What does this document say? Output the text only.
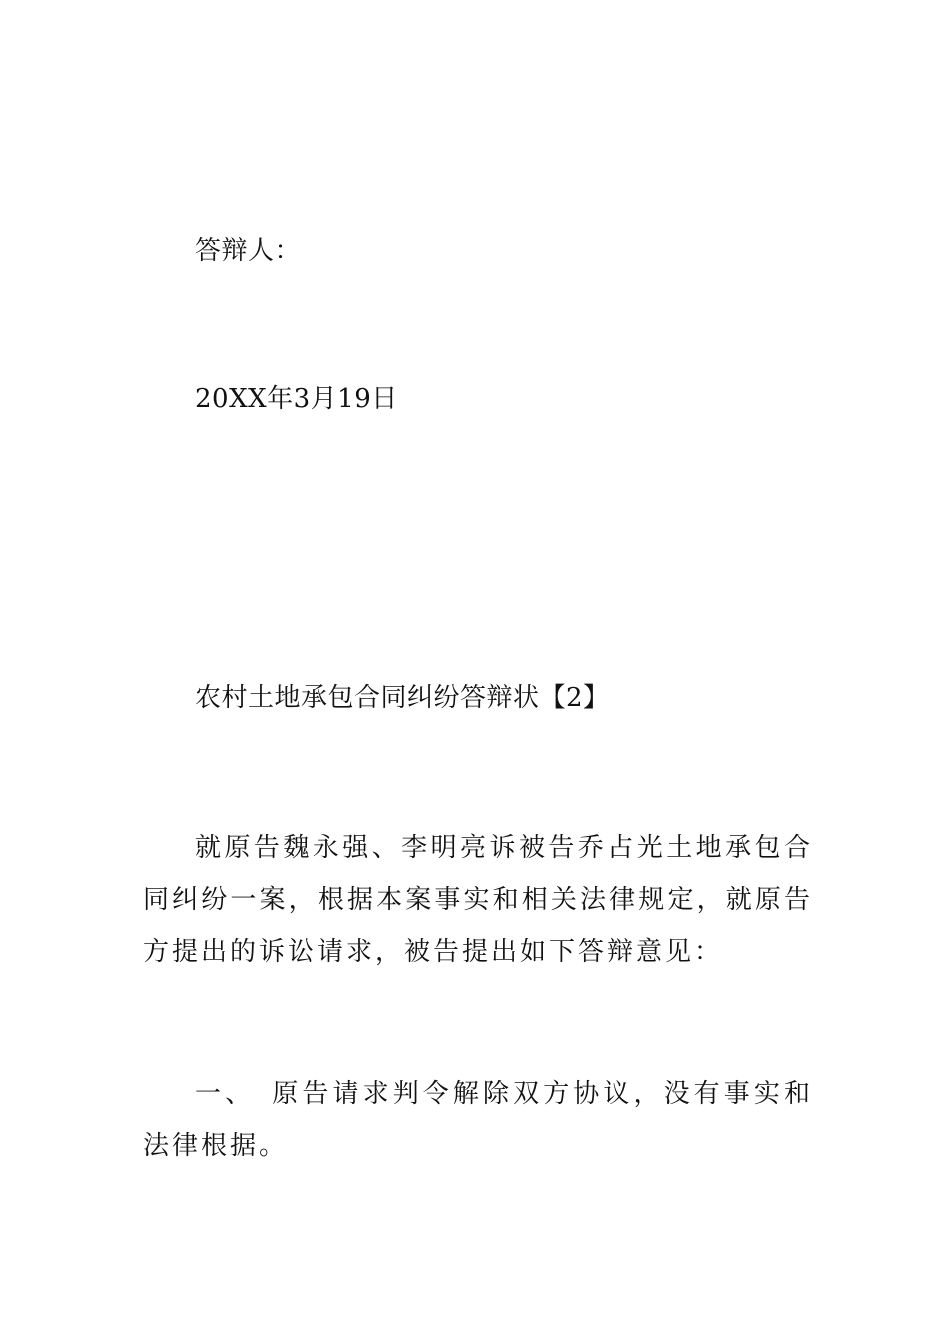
答辩人：
20XX年3月19日
农村土地承包合同纠纷答辩状【2】
就原告魏永强、李明亮诉被告乔占光土地承包合同纠纷一案，根据本案事实和相关法律规定，就原告方提出的诉讼请求，被告提出如下答辩意见：
一、　原告请求判令解除双方协议，没有事实和法律根据。
